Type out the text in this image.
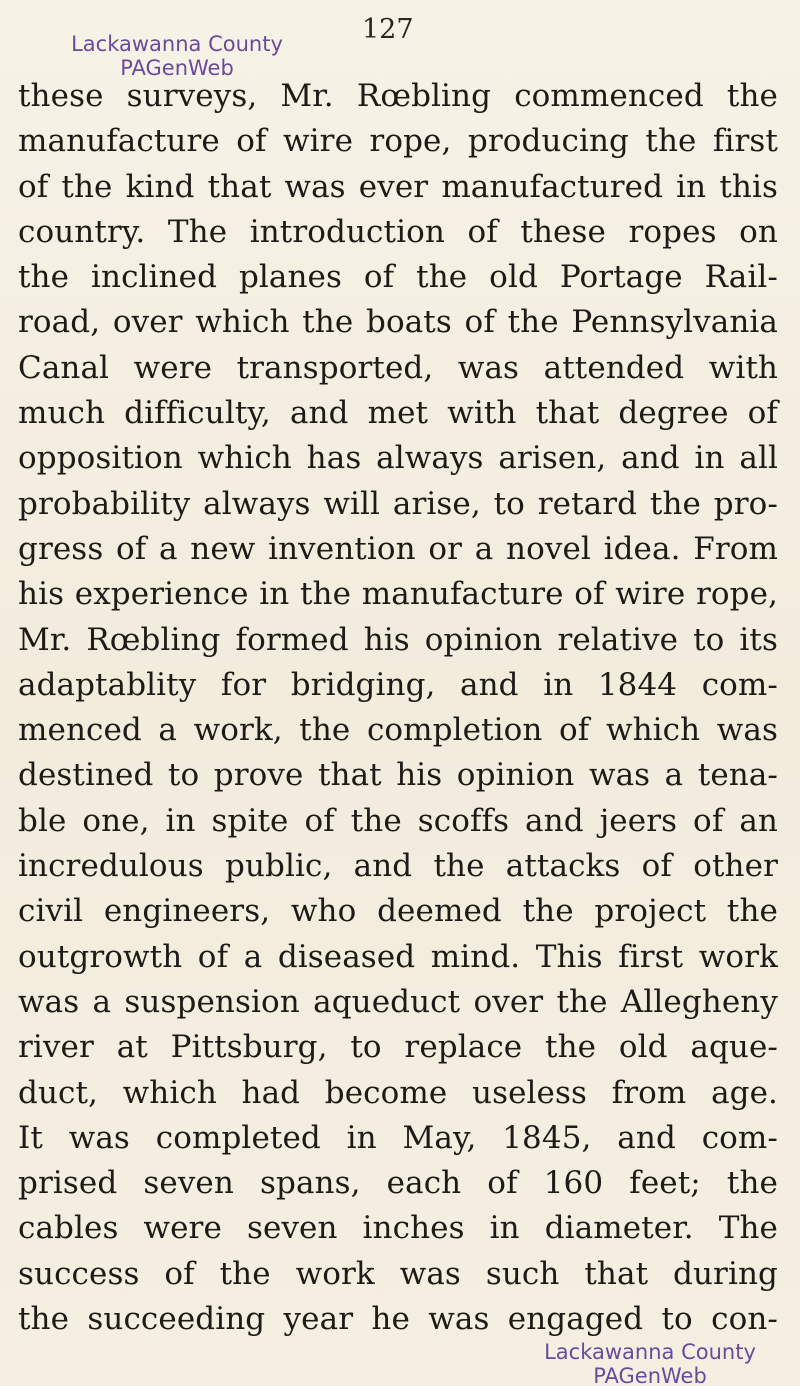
127
Lackawanna County
PAGenWeb
these surveys, Mr. Rœbling commenced the
manufacture of wire rope, producing the first
of the kind that was ever manufactured in this
country. The introduction of these ropes on
the inclined planes of the old Portage Rail-
road, over which the boats of the Pennsylvania
Canal were transported, was attended with
much difficulty, and met with that degree of
opposition which has always arisen, and in all
probability always will arise, to retard the pro-
gress of a new invention or a novel idea. From
his experience in the manufacture of wire rope,
Mr. Rœbling formed his opinion relative to its
adaptablity for bridging, and in 1844 com-
menced a work, the completion of which was
destined to prove that his opinion was a tena-
ble one, in spite of the scoffs and jeers of an
incredulous public, and the attacks of other
civil engineers, who deemed the project the
outgrowth of a diseased mind. This first work
was a suspension aqueduct over the Allegheny
river at Pittsburg, to replace the old aque-
duct, which had become useless from age.
It was completed in May, 1845, and com-
prised seven spans, each of 160 feet; the
cables were seven inches in diameter. The
success of the work was such that during
the succeeding year he was engaged to con-
Lackawanna County
PAGenWeb
